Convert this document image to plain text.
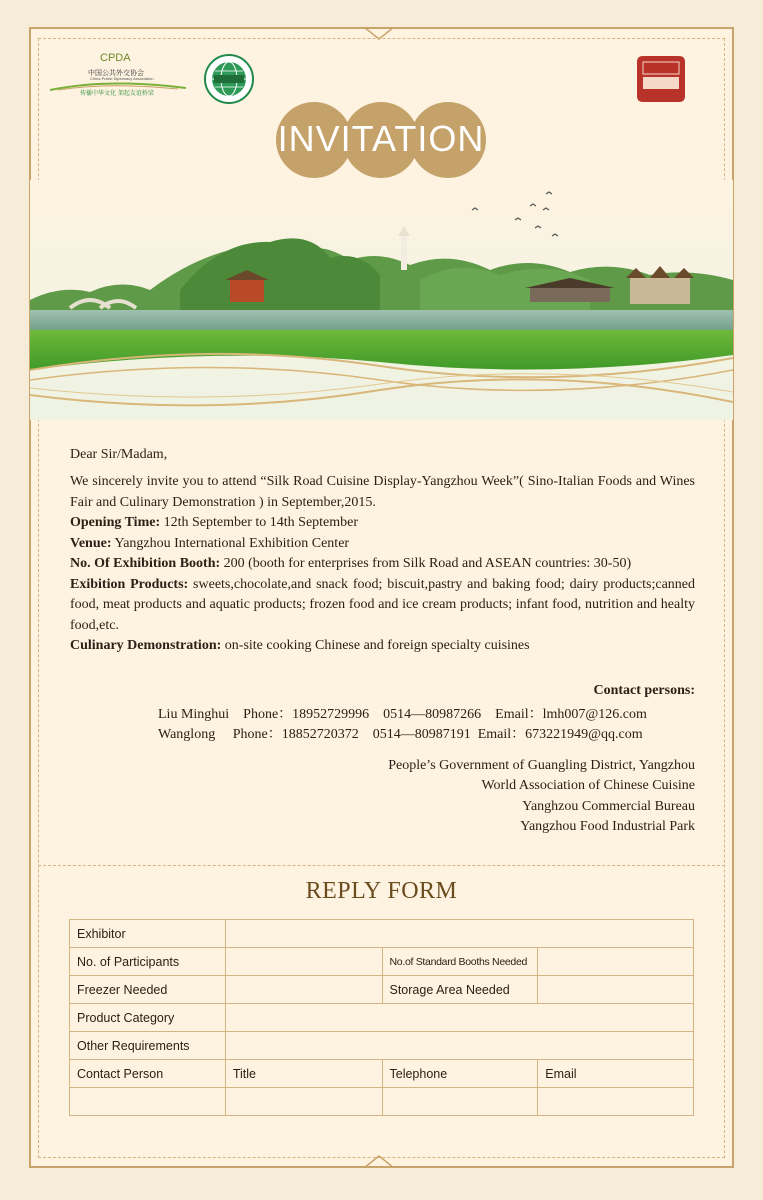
CPDA
中国公共外交协会
China Public Diplomacy Association
传播中华文化 架起友谊桥梁
INVITATION
Dear Sir/Madam,
We sincerely invite you to attend “Silk Road Cuisine Display-Yangzhou Week”( Sino-Italian Foods and Wines Fair and Culinary Demonstration ) in September,2015.
Opening Time: 12th September to 14th September
Venue: Yangzhou International Exhibition Center
No. Of Exhibition Booth: 200 (booth for enterprises from Silk Road and ASEAN countries: 30-50)
Exibition Products: sweets,chocolate,and snack food; biscuit,pastry and baking food; dairy products;canned food, meat products and aquatic products; frozen food and ice cream products; infant food, nutrition and healty food,etc.
Culinary Demonstration: on-site cooking Chinese and foreign specialty cuisines
Contact persons:
Liu Minghui    Phone：18952729996    0514—80987266    Email：lmh007@126.com
Wanglong     Phone：18852720372    0514—80987191  Email：673221949@qq.com
People’s Government of Guangling District, Yangzhou
World Association of Chinese Cuisine
Yanghzou Commercial Bureau
Yangzhou Food Industrial Park
REPLY FORM
Exhibitor			
No. of Participants		No.of Standard Booths Needed	
Freezer Needed		Storage Area Needed	
Product Category			
Other Requirements			
Contact Person	Title	Telephone	Email
